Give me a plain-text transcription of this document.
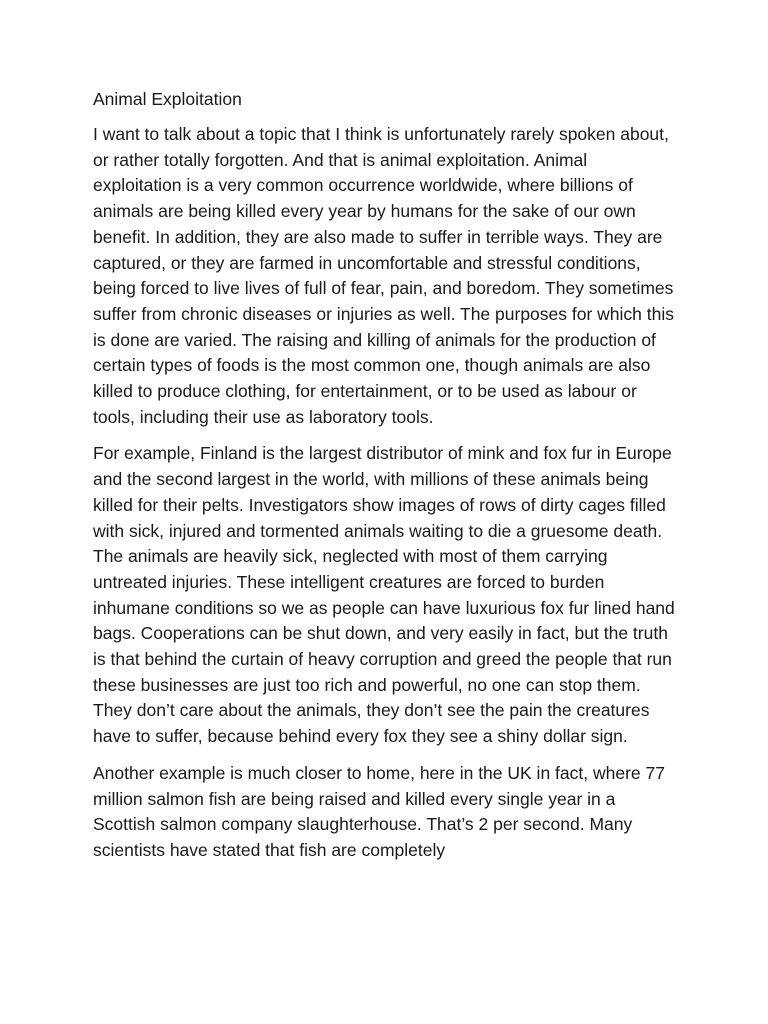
Animal Exploitation

I want to talk about a topic that I think is unfortunately rarely spoken about, or rather totally forgotten. And that is animal exploitation. Animal exploitation is a very common occurrence worldwide, where billions of animals are being killed every year by humans for the sake of our own benefit. In addition, they are also made to suffer in terrible ways. They are captured, or they are farmed in uncomfortable and stressful conditions, being forced to live lives of full of fear, pain, and boredom. They sometimes suffer from chronic diseases or injuries as well. The purposes for which this is done are varied. The raising and killing of animals for the production of certain types of foods is the most common one, though animals are also killed to produce clothing, for entertainment, or to be used as labour or tools, including their use as laboratory tools.

For example, Finland is the largest distributor of mink and fox fur in Europe and the second largest in the world, with millions of these animals being killed for their pelts. Investigators show images of rows of dirty cages filled with sick, injured and tormented animals waiting to die a gruesome death. The animals are heavily sick, neglected with most of them carrying untreated injuries. These intelligent creatures are forced to burden inhumane conditions so we as people can have luxurious fox fur lined hand bags. Cooperations can be shut down, and very easily in fact, but the truth is that behind the curtain of heavy corruption and greed the people that run these businesses are just too rich and powerful, no one can stop them. They don’t care about the animals, they don’t see the pain the creatures have to suffer, because behind every fox they see a shiny dollar sign.

Another example is much closer to home, here in the UK in fact, where 77 million salmon fish are being raised and killed every single year in a Scottish salmon company slaughterhouse. That’s 2 per second. Many scientists have stated that fish are completely
